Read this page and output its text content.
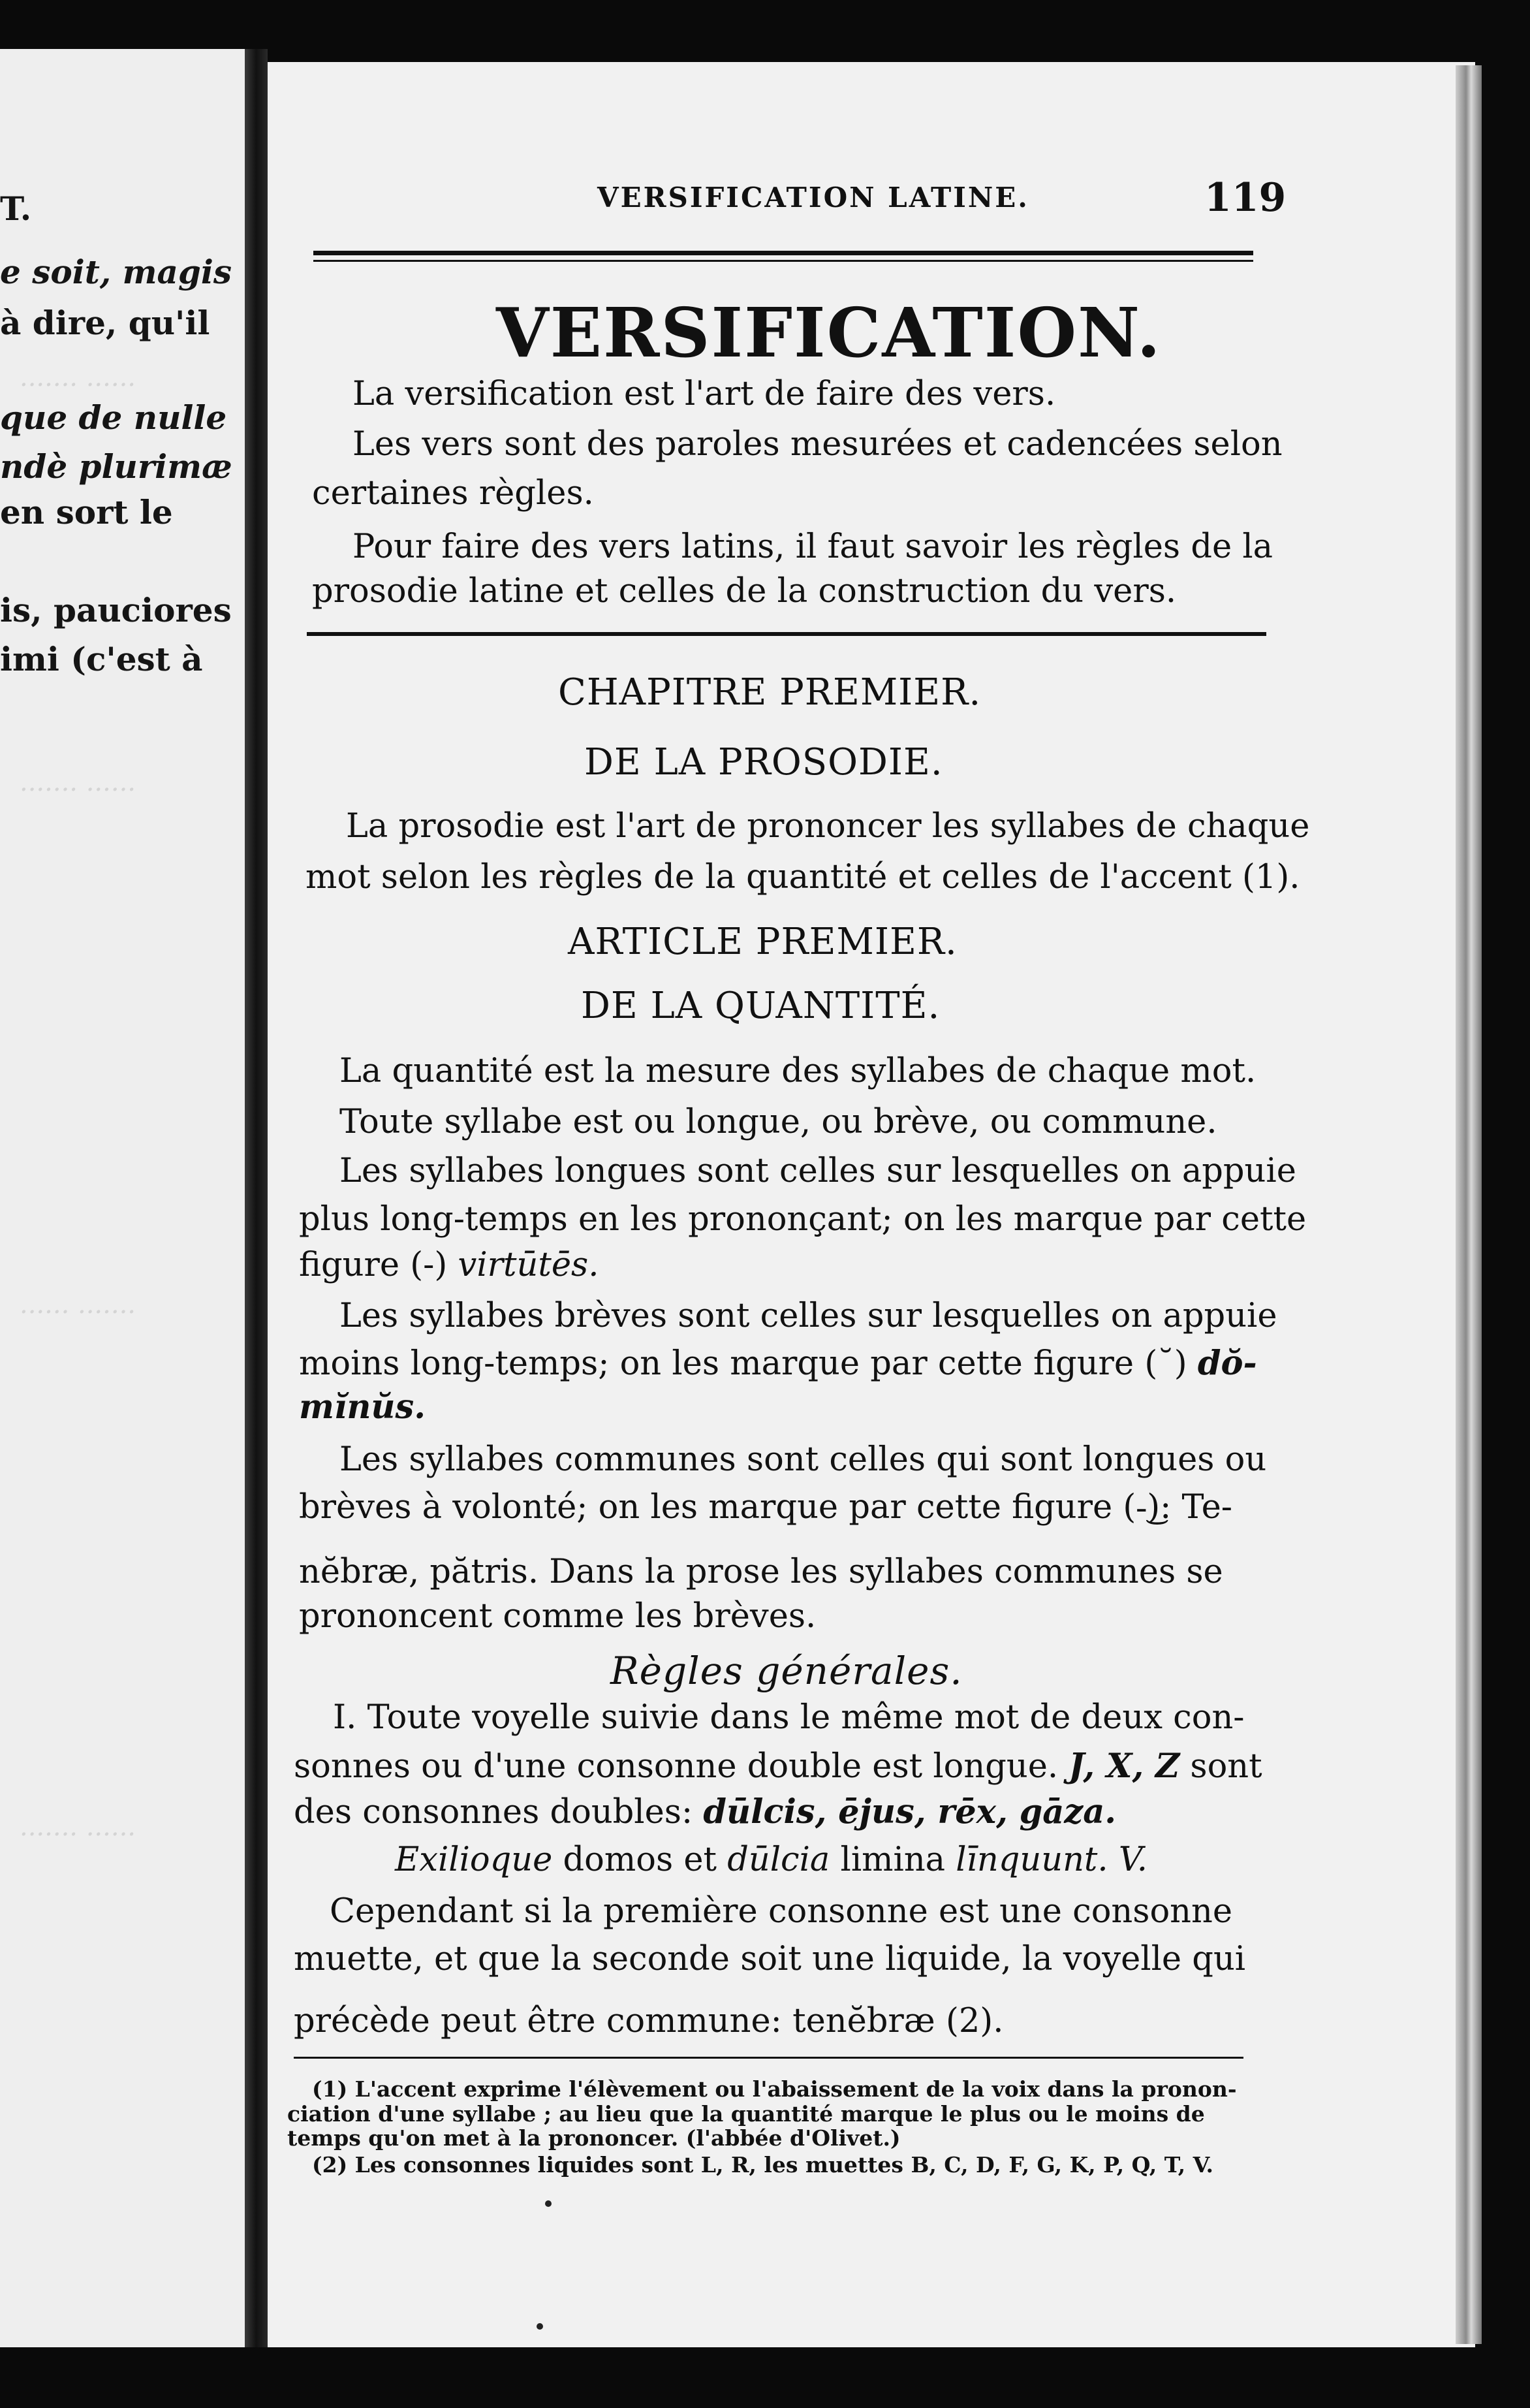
....... ......
....... ......
...... .......
....... ......
T.
e soit, magis
à dire, qu'il
que de nulle
ndè plurimæ
en sort le
is, pauciores
imi (c'est à
VERSIFICATION LATINE.	119
VERSIFICATION.
La versification est l'art de faire des vers.
Les vers sont des paroles mesurées et cadencées selon
certaines règles.
Pour faire des vers latins, il faut savoir les règles de la
prosodie latine et celles de la construction du vers.
CHAPITRE PREMIER.
DE LA PROSODIE.
La prosodie est l'art de prononcer les syllabes de chaque
mot selon les règles de la quantité et celles de l'accent (1).
ARTICLE PREMIER.
DE LA QUANTITÉ.
La quantité est la mesure des syllabes de chaque mot.
Toute syllabe est ou longue, ou brève, ou commune.
Les syllabes longues sont celles sur lesquelles on appuie
plus long-temps en les prononçant; on les marque par cette
figure (-) virtūtēs.
Les syllabes brèves sont celles sur lesquelles on appuie
moins long-temps; on les marque par cette figure (˘) dŏ-
mĭnŭs.
Les syllabes communes sont celles qui sont longues ou
brèves à volonté; on les marque par cette figure (-͜): Te-
nĕbræ, pătris. Dans la prose les syllabes communes se
prononcent comme les brèves.
Règles générales.
I. Toute voyelle suivie dans le même mot de deux con-
sonnes ou d'une consonne double est longue. J, X, Z sont
des consonnes doubles: dūlcis, ējus, rēx, gāza.
Exilioque domos et dūlcia limina līnquunt. V.
Cependant si la première consonne est une consonne
muette, et que la seconde soit une liquide, la voyelle qui
précède peut être commune: tenĕbræ (2).
(1) L'accent exprime l'élèvement ou l'abaissement de la voix dans la pronon-
ciation d'une syllabe ; au lieu que la quantité marque le plus ou le moins de
temps qu'on met à la prononcer. (l'abbée d'Olivet.)
(2) Les consonnes liquides sont L, R, les muettes B, C, D, F, G, K, P, Q, T, V.
